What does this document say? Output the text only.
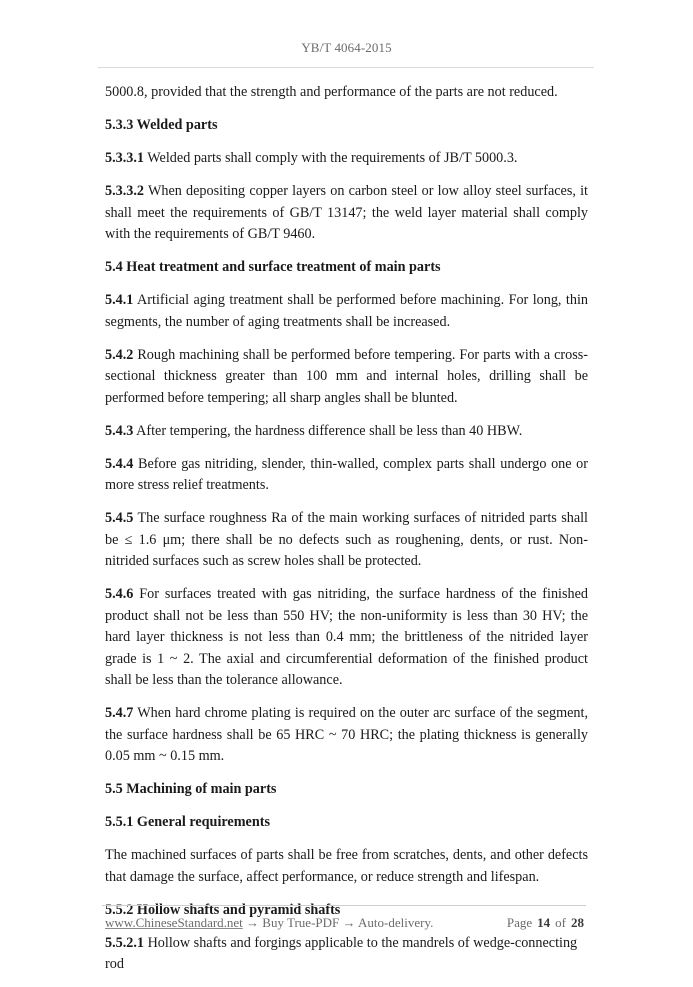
YB/T 4064-2015

5000.8, provided that the strength and performance of the parts are not reduced.

5.3.3 Welded parts

5.3.3.1 Welded parts shall comply with the requirements of JB/T 5000.3.

5.3.3.2 When depositing copper layers on carbon steel or low alloy steel surfaces, it shall meet the requirements of GB/T 13147; the weld layer material shall comply with the requirements of GB/T 9460.

5.4 Heat treatment and surface treatment of main parts

5.4.1 Artificial aging treatment shall be performed before machining. For long, thin segments, the number of aging treatments shall be increased.

5.4.2 Rough machining shall be performed before tempering. For parts with a cross-sectional thickness greater than 100 mm and internal holes, drilling shall be performed before tempering; all sharp angles shall be blunted.

5.4.3 After tempering, the hardness difference shall be less than 40 HBW.

5.4.4 Before gas nitriding, slender, thin-walled, complex parts shall undergo one or more stress relief treatments.

5.4.5 The surface roughness Ra of the main working surfaces of nitrided parts shall be ≤ 1.6 μm; there shall be no defects such as roughening, dents, or rust. Non-nitrided surfaces such as screw holes shall be protected.

5.4.6 For surfaces treated with gas nitriding, the surface hardness of the finished product shall not be less than 550 HV; the non-uniformity is less than 30 HV; the hard layer thickness is not less than 0.4 mm; the brittleness of the nitrided layer grade is 1 ~ 2. The axial and circumferential deformation of the finished product shall be less than the tolerance allowance.

5.4.7 When hard chrome plating is required on the outer arc surface of the segment, the surface hardness shall be 65 HRC ~ 70 HRC; the plating thickness is generally 0.05 mm ~ 0.15 mm.

5.5 Machining of main parts

5.5.1 General requirements

The machined surfaces of parts shall be free from scratches, dents, and other defects that damage the surface, affect performance, or reduce strength and lifespan.

5.5.2 Hollow shafts and pyramid shafts

5.5.2.1 Hollow shafts and forgings applicable to the mandrels of wedge-connecting rod

www.ChineseStandard.net → Buy True-PDF → Auto-delivery.	Page 14 of 28
